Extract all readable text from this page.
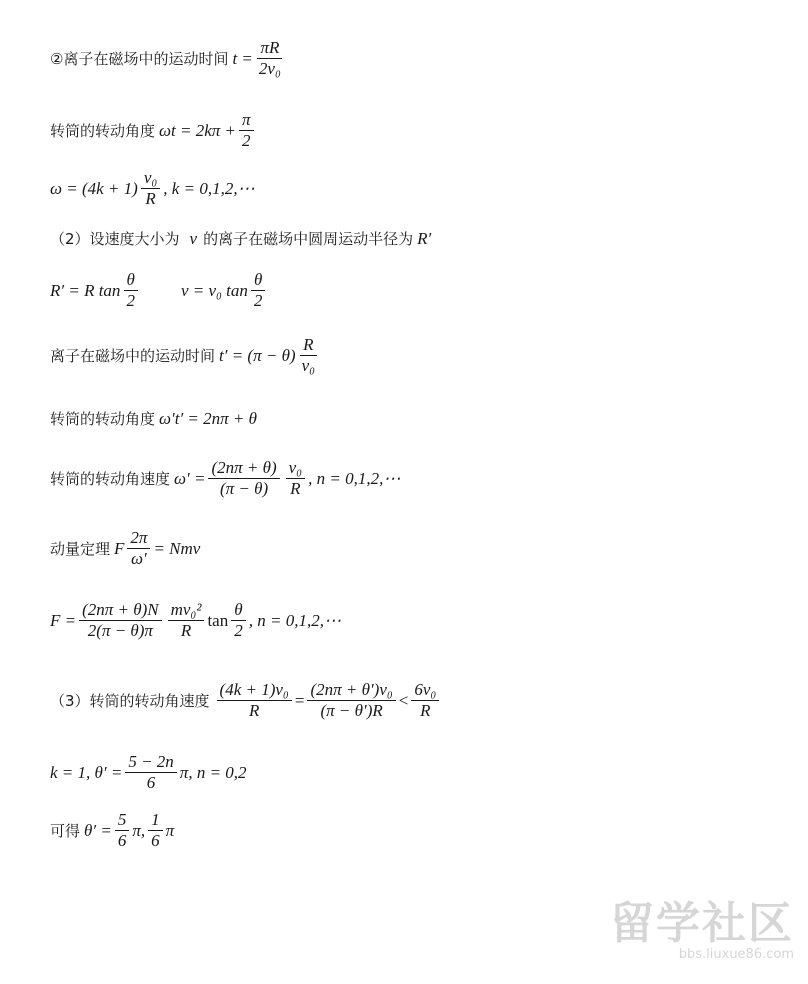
②离子在磁场中的运动时间 $t = \frac{\pi R}{\text{2v₀}}$
转筒的转动角度 $\omega t = 2k\pi + \frac{\pi}{2}$
$\omega = (4k + 1) \frac{\text{v₀}}{R}$ , k = 0,1,2,⋯
（2）设速度大小为 v 的离子在磁场中圆周运动半径为 R′
R′ = R $\tan \frac{\theta}{2}$	v = v₀ $\tan \frac{\theta}{2}$
离子在磁场中的运动时间 $t' = (\pi - \theta) \frac{R}{\text{v₀}}$
转筒的转动角度 ω′t′ = 2nπ + θ
转筒的转动角速度 $\omega' = \frac{(2n\pi + \theta)}{(\pi - \theta)} \frac{\text{v₀}}{R}$ , n = 0,1,2,⋯
动量定理 F $\frac{2\pi}{\omega'}$ = Nmv
$F = \frac{(2n\pi + \theta)N}{2(\pi - \theta)\pi} \frac{\text{mv₀²}}{R}$ $\tan \frac{\theta}{2}$ , n = 0,1,2,⋯
（3）转筒的转动角速度 $\frac{\text{(4k + 1)v₀}}{R} = \frac{\text{(2nπ + θ′)v₀}}{(\pi - \theta')R} < \frac{\text{6v₀}}{R}$
k = 1, $\theta' = \frac{5 - 2n}{6} \pi$, n = 0,2
可得 $\theta' = \frac{5}{6} \pi$, $\frac{1}{6}$ π
留学社区
bbs.liuxue86.com
